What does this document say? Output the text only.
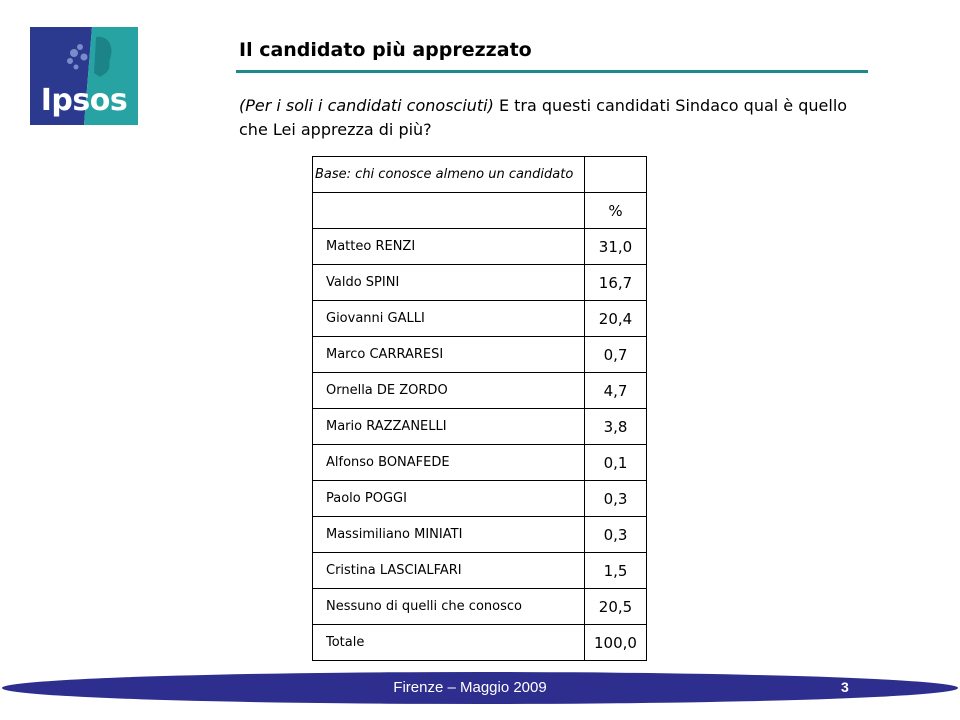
Ipsos
Il candidato più apprezzato
(Per i soli i candidati conosciuti) E tra questi candidati Sindaco qual è quello che Lei apprezza di più?
Base: chi conosce almeno un candidato	
	%
Matteo RENZI	31,0
Valdo SPINI	16,7
Giovanni GALLI	20,4
Marco CARRARESI	0,7
Ornella DE ZORDO	4,7
Mario RAZZANELLI	3,8
Alfonso BONAFEDE	0,1
Paolo POGGI	0,3
Massimiliano MINIATI	0,3
Cristina LASCIALFARI	1,5
Nessuno di quelli che conosco	20,5
Totale	100,0
Firenze – Maggio 2009	3
